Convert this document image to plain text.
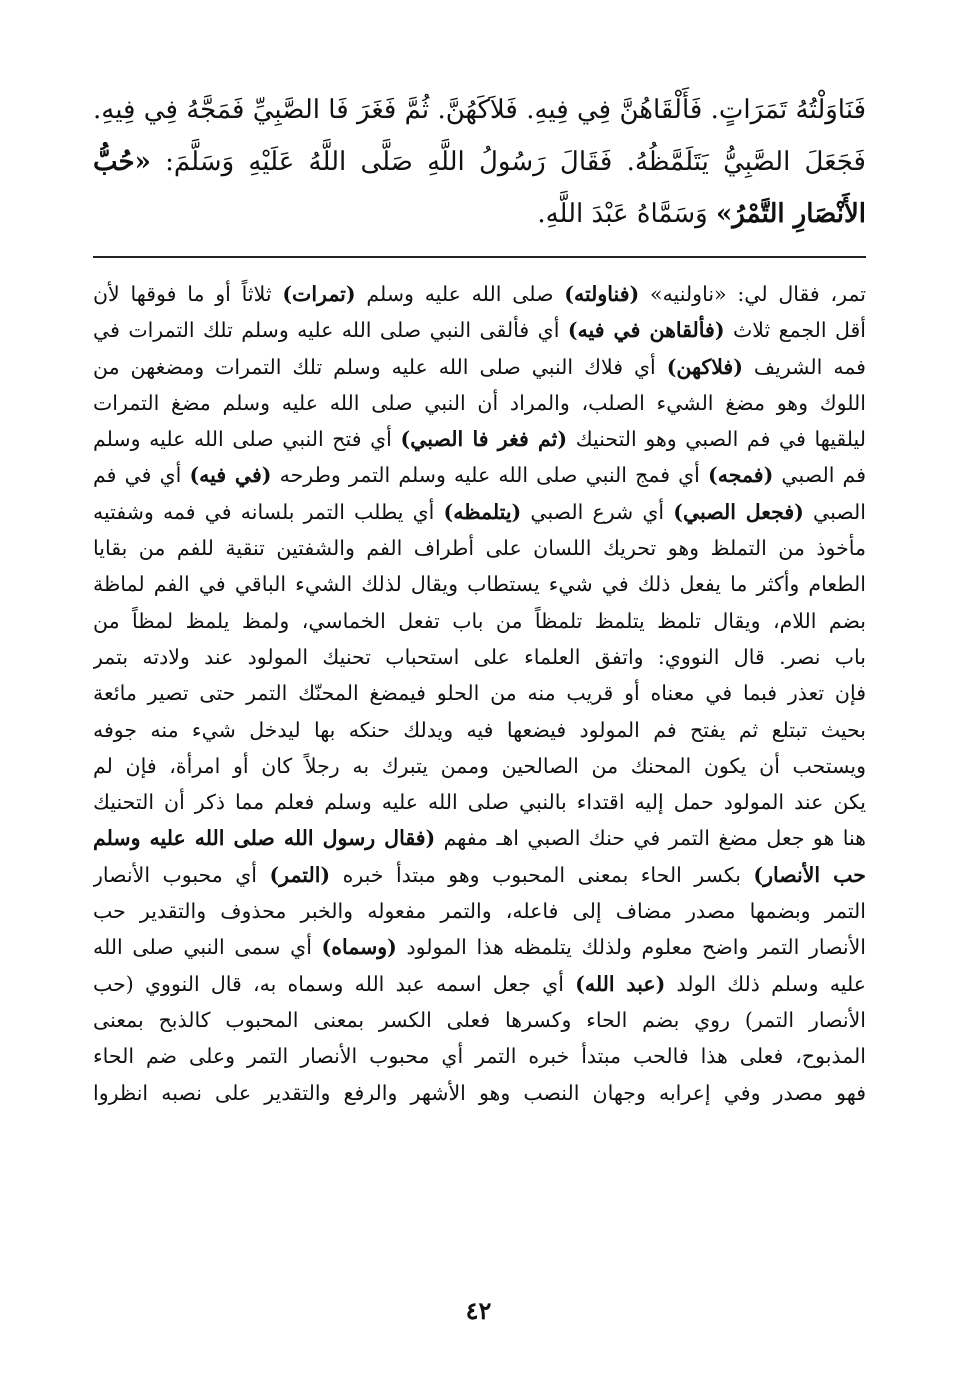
فَنَاوَلْتُهُ تَمَرَاتٍ. فَأَلْقَاهُنَّ فِي فِيهِ. فَلاَكَهُنَّ. ثُمَّ فَغَرَ فَا الصَّبِيِّ فَمَجَّهُ فِي فِيهِ. فَجَعَلَ الصَّبِيُّ يَتَلَمَّظُهُ. فَقَالَ رَسُولُ اللَّهِ صَلَّى اللَّهُ عَلَيْهِ وَسَلَّمَ: «حُبُّ الأَنْصَارِ التَّمْرُ» وَسَمَّاهُ عَبْدَ اللَّهِ.

تمر، فقال لي: «ناولنيه» (فناولته) صلى الله عليه وسلم (تمرات) ثلاثاً أو ما فوقها لأن
أقل الجمع ثلاث (فألقاهن في فيه) أي فألقى النبي صلى الله عليه وسلم تلك التمرات في
فمه الشريف (فلاكهن) أي فلاك النبي صلى الله عليه وسلم تلك التمرات ومضغهن من
اللوك وهو مضغ الشيء الصلب، والمراد أن النبي صلى الله عليه وسلم مضغ التمرات
ليلقيها في فم الصبي وهو التحنيك (ثم فغر فا الصبي) أي فتح النبي صلى الله عليه وسلم
فم الصبي (فمجه) أي فمج النبي صلى الله عليه وسلم التمر وطرحه (في فيه) أي في فم
الصبي (فجعل الصبي) أي شرع الصبي (يتلمظه) أي يطلب التمر بلسانه في فمه وشفتيه
مأخوذ من التملظ وهو تحريك اللسان على أطراف الفم والشفتين تنقية للفم من بقايا
الطعام وأكثر ما يفعل ذلك في شيء يستطاب ويقال لذلك الشيء الباقي في الفم لماظة
بضم اللام، ويقال تلمظ يتلمظ تلمظاً من باب تفعل الخماسي، ولمظ يلمظ لمظاً من
باب نصر. قال النووي: واتفق العلماء على استحباب تحنيك المولود عند ولادته بتمر
فإن تعذر فبما في معناه أو قريب منه من الحلو فيمضغ المحنّك التمر حتى تصير مائعة
بحيث تبتلع ثم يفتح فم المولود فيضعها فيه ويدلك حنكه بها ليدخل شيء منه جوفه
ويستحب أن يكون المحنك من الصالحين وممن يتبرك به رجلاً كان أو امرأة، فإن لم
يكن عند المولود حمل إليه اقتداء بالنبي صلى الله عليه وسلم فعلم مما ذكر أن التحنيك
هنا هو جعل مضغ التمر في حنك الصبي اهـ مفهم (فقال رسول الله صلى الله عليه وسلم
حب الأنصار) بكسر الحاء بمعنى المحبوب وهو مبتدأ خبره (التمر) أي محبوب الأنصار
التمر وبضمها مصدر مضاف إلى فاعله، والتمر مفعوله والخبر محذوف والتقدير حب
الأنصار التمر واضح معلوم ولذلك يتلمظه هذا المولود (وسماه) أي سمى النبي صلى الله
عليه وسلم ذلك الولد (عبد الله) أي جعل اسمه عبد الله وسماه به، قال النووي (حب
الأنصار التمر) روي بضم الحاء وكسرها فعلى الكسر بمعنى المحبوب كالذبح بمعنى
المذبوح، فعلى هذا فالحب مبتدأ خبره التمر أي محبوب الأنصار التمر وعلى ضم الحاء
فهو مصدر وفي إعرابه وجهان النصب وهو الأشهر والرفع والتقدير على نصبه انظروا
٤٢
